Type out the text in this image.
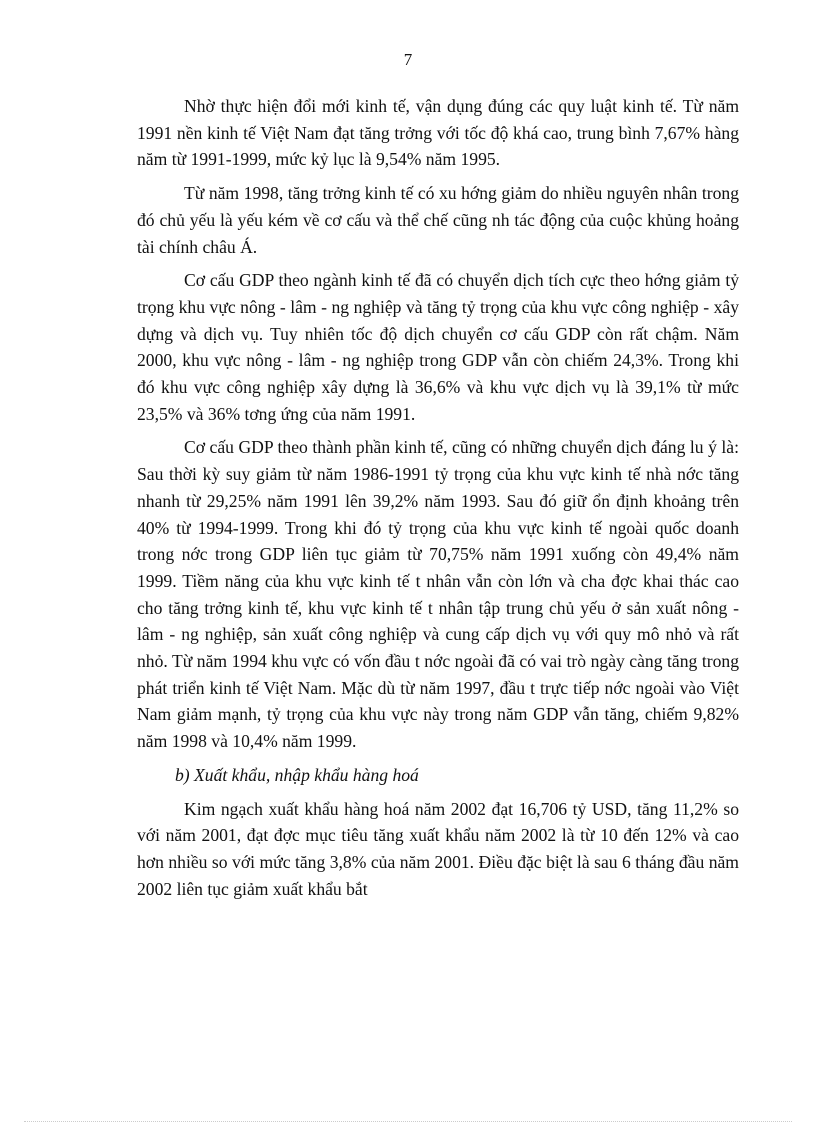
7

Nhờ thực hiện đổi mới kinh tế, vận dụng đúng các quy luật kinh tế. Từ năm 1991 nền kinh tế Việt Nam đạt tăng trởng với tốc độ khá cao, trung bình 7,67% hàng năm từ 1991-1999, mức kỷ lục là 9,54% năm 1995.

Từ năm 1998, tăng trởng kinh tế có xu hớng giảm do nhiều nguyên nhân trong đó chủ yếu là yếu kém về cơ cấu và thể chế cũng nh tác động của cuộc khủng hoảng tài chính châu Á.

Cơ cấu GDP theo ngành kinh tế đã có chuyển dịch tích cực theo hớng giảm tỷ trọng khu vực nông - lâm - ng nghiệp và tăng tỷ trọng của khu vực công nghiệp - xây dựng và dịch vụ. Tuy nhiên tốc độ dịch chuyển cơ cấu GDP còn rất chậm. Năm 2000, khu vực nông - lâm - ng nghiệp trong GDP vẫn còn chiếm 24,3%. Trong khi đó khu vực công nghiệp xây dựng là 36,6% và khu vực dịch vụ là 39,1% từ mức 23,5% và 36% tơng ứng của năm 1991.

Cơ cấu GDP theo thành phần kinh tế, cũng có những chuyển dịch đáng lu ý là: Sau thời kỳ suy giảm từ năm 1986-1991 tỷ trọng của khu vực kinh tế nhà nớc tăng nhanh từ 29,25% năm 1991 lên 39,2% năm 1993. Sau đó giữ ổn định khoảng trên 40% từ 1994-1999. Trong khi đó tỷ trọng của khu vực kinh tế ngoài quốc doanh trong nớc trong GDP liên tục giảm từ 70,75% năm 1991 xuống còn 49,4% năm 1999. Tiềm năng của khu vực kinh tế t nhân vẫn còn lớn và cha đợc khai thác cao cho tăng trởng kinh tế, khu vực kinh tế t nhân tập trung chủ yếu ở sản xuất nông - lâm - ng nghiệp, sản xuất công nghiệp và cung cấp dịch vụ với quy mô nhỏ và rất nhỏ. Từ năm 1994 khu vực có vốn đầu t nớc ngoài đã có vai trò ngày càng tăng trong phát triển kinh tế Việt Nam. Mặc dù từ năm 1997, đầu t trực tiếp nớc ngoài vào Việt Nam giảm mạnh, tỷ trọng của khu vực này trong năm GDP vẫn tăng, chiếm 9,82% năm 1998 và 10,4% năm 1999.

b) Xuất khẩu, nhập khẩu hàng hoá

Kim ngạch xuất khẩu hàng hoá năm 2002 đạt 16,706 tỷ USD, tăng 11,2% so với năm 2001, đạt đợc mục tiêu tăng xuất khẩu năm 2002 là từ 10 đến 12% và cao hơn nhiều so với mức tăng 3,8% của năm 2001. Điều đặc biệt là sau 6 tháng đầu năm 2002 liên tục giảm xuất khẩu bắt
